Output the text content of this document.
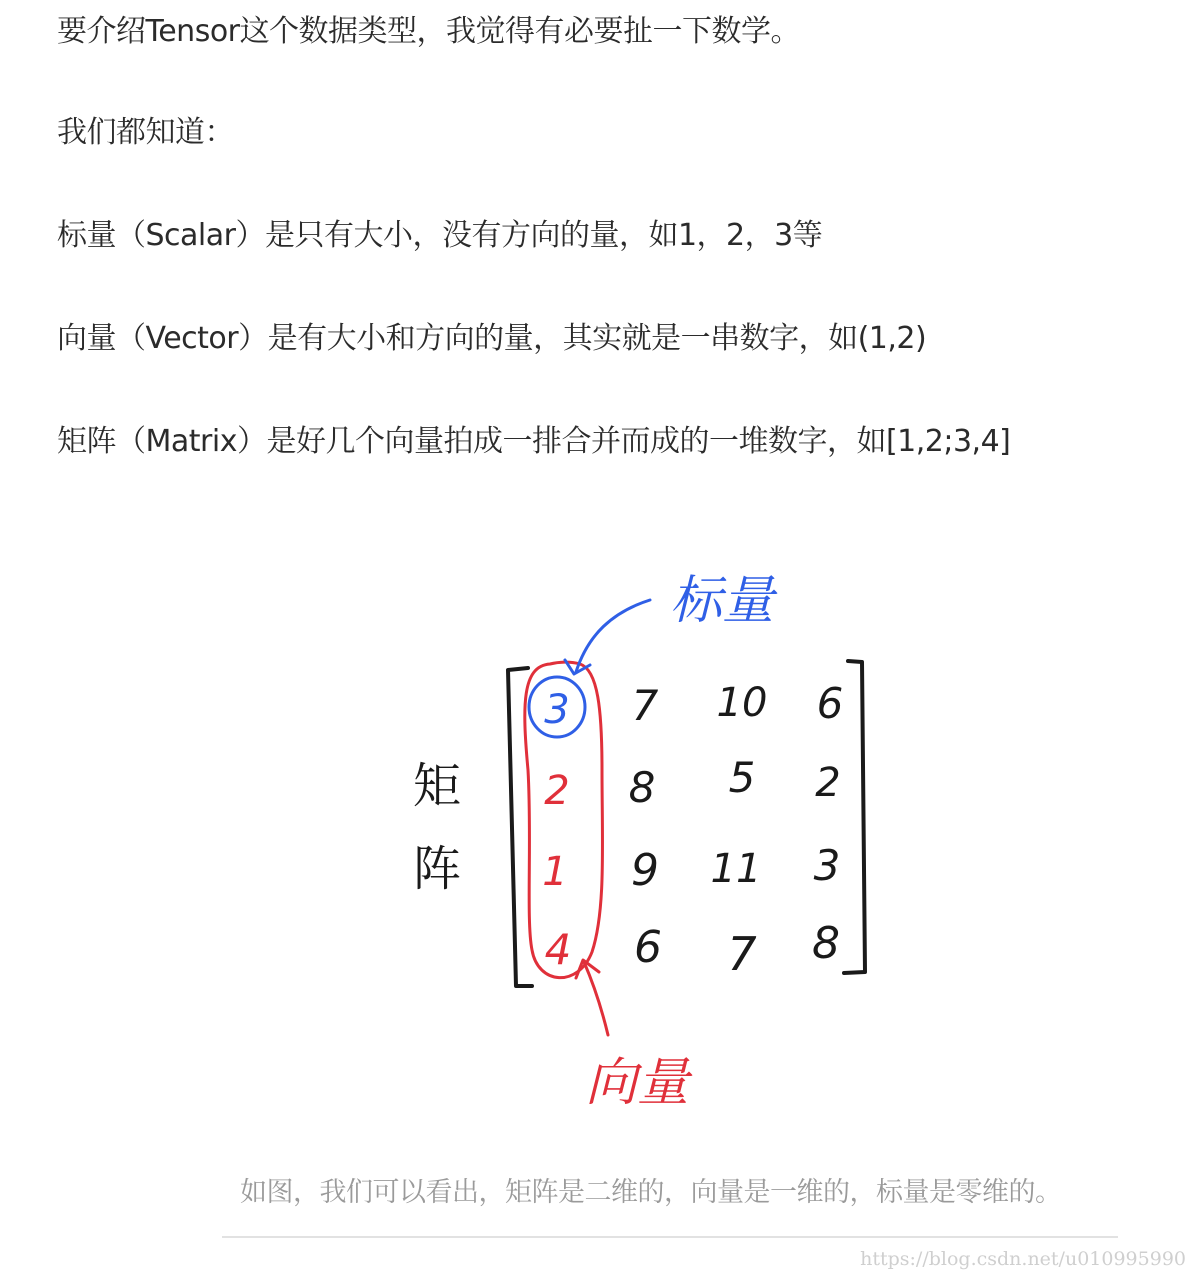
要介绍Tensor这个数据类型，我觉得有必要扯一下数学。

我们都知道：

标量（Scalar）是只有大小，没有方向的量，如1，2，3等

向量（Vector）是有大小和方向的量，其实就是一串数字，如(1,2)

矩阵（Matrix）是好几个向量拍成一排合并而成的一堆数字，如[1,2;3,4]

矩
阵
标量
向量
3 7 10 6
2 8 5 2
1 9 11 3
4 6 7 8

如图，我们可以看出，矩阵是二维的，向量是一维的，标量是零维的。

https://blog.csdn.net/u010995990
